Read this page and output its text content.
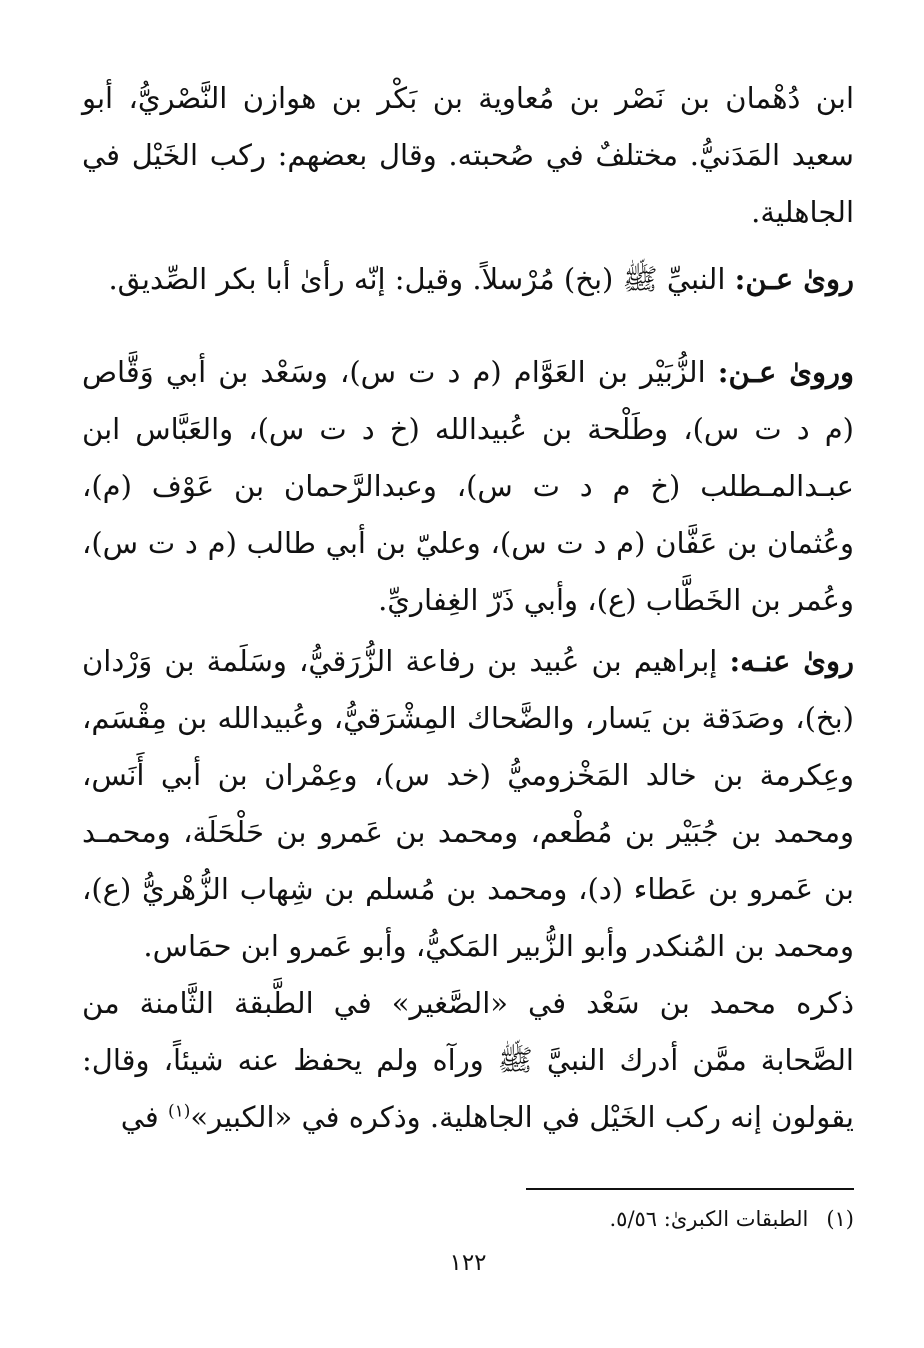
ابن دُهْمان بن نَصْر بن مُعاوية بن بَكْر بن هوازن النَّصْريُّ، أبو سعيد المَدَنيُّ. مختلفٌ في صُحبته. وقال بعضهم: ركب الخَيْل في الجاهلية.

روىٰ عـن: النبيِّ ﷺ (بخ) مُرْسلاً. وقيل: إنّه رأىٰ أبا بكر الصِّديق.

وروىٰ عـن: الزُّبَيْر بن العَوَّام (م د ت س)، وسَعْد بن أبي وَقَّاص (م د ت س)، وطَلْحة بن عُبيدالله (خ د ت س)، والعَبَّاس ابن عبـدالمـطلب (خ م د ت س)، وعبدالرَّحمان بن عَوْف (م)، وعُثمان بن عَفَّان (م د ت س)، وعليّ بن أبي طالب (م د ت س)، وعُمر بن الخَطَّاب (ع)، وأبي ذَرّ الغِفاريِّ.

روىٰ عنـه: إبراهيم بن عُبيد بن رفاعة الزُّرَقيُّ، وسَلَمة بن وَرْدان (بخ)، وصَدَقة بن يَسار، والضَّحاك المِشْرَقيُّ، وعُبيدالله بن مِقْسَم، وعِكرمة بن خالد المَخْزوميُّ (خد س)، وعِمْران بن أبي أَنَس، ومحمد بن جُبَيْر بن مُطْعم، ومحمد بن عَمرو بن حَلْحَلَة، ومحمـد بن عَمرو بن عَطاء (د)، ومحمد بن مُسلم بن شِهاب الزُّهْريُّ (ع)، ومحمد بن المُنكدر وأبو الزُّبير المَكيُّ، وأبو عَمرو ابن حمَاس.

ذكره محمد بن سَعْد في «الصَّغير» في الطَّبقة الثَّامنة من الصَّحابة ممَّن أدرك النبيَّ ﷺ ورآه ولم يحفظ عنه شيئاً، وقال: يقولون إنه ركب الخَيْل في الجاهلية. وذكره في «الكبير»$^{(١)}$ في

(١)الطبقات الكبرىٰ: ٥/٥٦.
١٢٢
